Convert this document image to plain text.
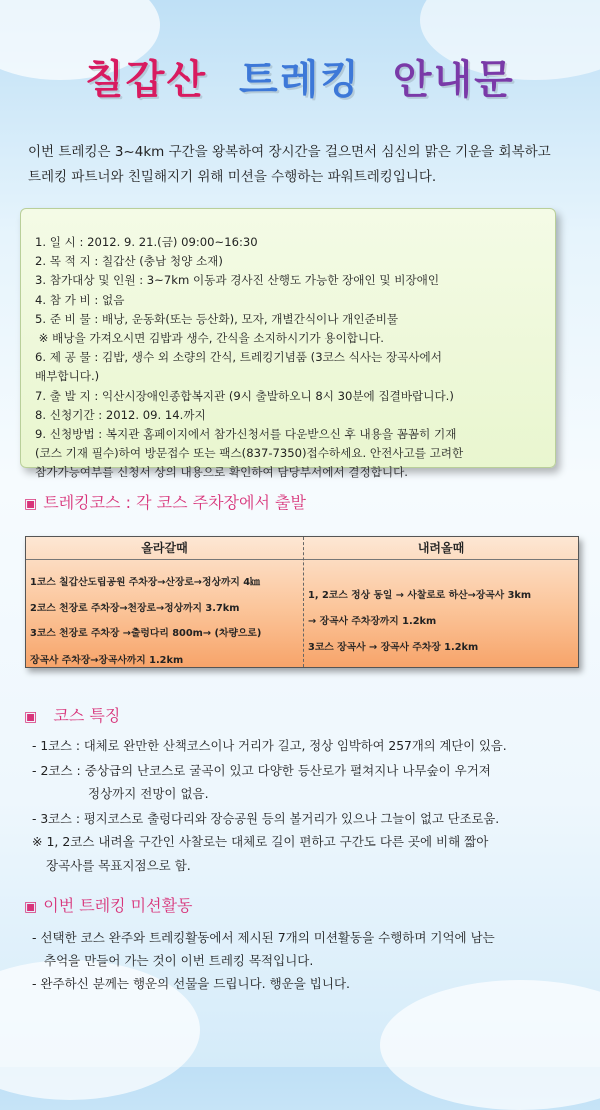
칠갑산 트레킹 안내문
이번 트레킹은 3~4km 구간을 왕복하여 장시간을 걸으면서 심신의 맑은 기운을 회복하고
트레킹 파트너와 친밀해지기 위해 미션을 수행하는 파워트레킹입니다.
1. 일 시 : 2012. 9. 21.(금) 09:00~16:30
2. 목 적 지 : 칠갑산 (충남 청양 소재)
3. 참가대상 및 인원 : 3~7km 이동과 경사진 산행도 가능한 장애인 및 비장애인
4. 참 가 비 : 없음
5. 준 비 물 : 배낭, 운동화(또는 등산화), 모자, 개별간식이나 개인준비물
※ 배낭을 가져오시면 김밥과 생수, 간식을 소지하시기가 용이합니다.
6. 제 공 물 : 김밥, 생수 외 소량의 간식, 트레킹기념품 (3코스 식사는 장곡사에서
배부합니다.)
7. 출 발 지 : 익산시장애인종합복지관 (9시 출발하오니 8시 30분에 집결바랍니다.)
8. 신청기간 : 2012. 09. 14.까지
9. 신청방법 : 복지관 홈페이지에서 참가신청서를 다운받으신 후 내용을 꼼꼼히 기재
(코스 기재 필수)하여 방문접수 또는 팩스(837-7350)접수하세요. 안전사고를 고려한
참가가능여부를 신청서 상의 내용으로 확인하여 담당부서에서 결정합니다.
▣ 트레킹코스 : 각 코스 주차장에서 출발
올라갈때	내려올때
1코스 칠갑산도립공원 주차장→산장로→정상까지 4㎞
2코스 천장로 주차장→천장로→정상까지 3.7km
3코스 천장로 주차장 →출렁다리 800m→ (차량으로)
장곡사 주차장→장곡사까지 1.2km
1, 2코스 정상 동일 → 사찰로로 하산→장곡사 3km
→ 장곡사 주차장까지 1.2km
3코스 장곡사 → 장곡사 주차장 1.2km
▣ 코스 특징
- 1코스 : 대체로 완만한 산책코스이나 거리가 길고, 정상 임박하여 257개의 계단이 있음.
- 2코스 : 중상급의 난코스로 굴곡이 있고 다양한 등산로가 펼쳐지나 나무숲이 우거져
정상까지 전망이 없음.
- 3코스 : 평지코스로 출렁다리와 장승공원 등의 볼거리가 있으나 그늘이 없고 단조로움.
※ 1, 2코스 내려올 구간인 사찰로는 대체로 길이 편하고 구간도 다른 곳에 비해 짧아
장곡사를 목표지점으로 함.
▣ 이번 트레킹 미션활동
- 선택한 코스 완주와 트레킹활동에서 제시된 7개의 미션활동을 수행하며 기억에 남는
추억을 만들어 가는 것이 이번 트레킹 목적입니다.
- 완주하신 분께는 행운의 선물을 드립니다. 행운을 빕니다.
